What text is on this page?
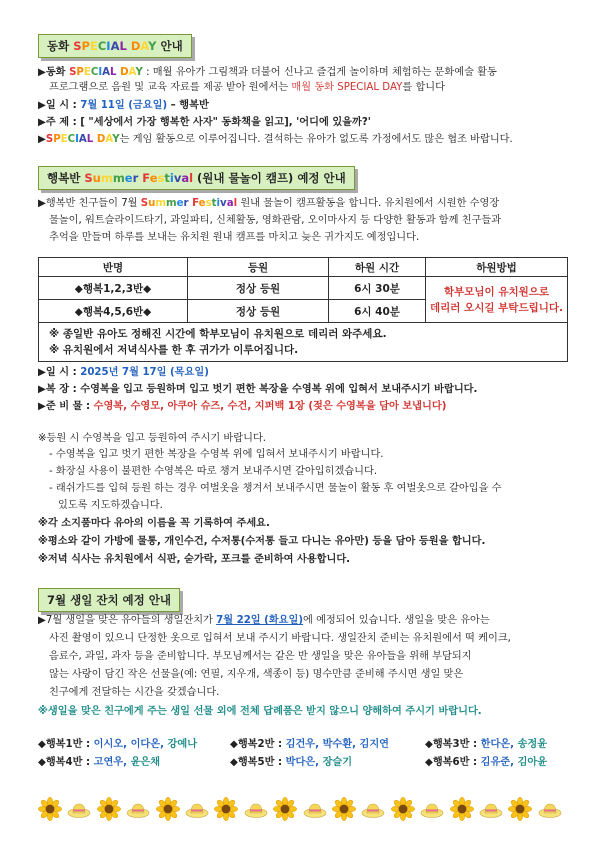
동화 SPECIAL DAY 안내
▶동화 SPECIAL DAY : 매월 유아가 그림책과 더불어 신나고 즐겁게 놀이하며 체험하는 문화예술 활동
프로그램으로 음원 및 교육 자료를 제공 받아 원에서는 매월 동화 SPECIAL DAY를 합니다
▶일 시 : 7월 11일 (금요일) – 행복반
▶주 제 : [ "세상에서 가장 행복한 사자" 동화책을 읽고], '어디에 있을까?'
▶SPECIAL DAY는 게임 활동으로 이루어집니다. 결석하는 유아가 없도록 가정에서도 많은 협조 바랍니다.
행복반 Summer Festival (원내 물놀이 캠프) 예정 안내
▶행복반 친구들이 7월 Summer Festival 원내 물놀이 캠프활동을 합니다. 유치원에서 시원한 수영장
물놀이, 워트슬라이드타기, 과일파티, 신체활동, 영화관람, 오이마사지 등 다양한 활동과 함께 친구들과
추억을 만들며 하루를 보내는 유치원 원내 캠프를 마치고 늦은 귀가지도 예정입니다.
반명	등원	하원 시간	하원방법
◆행복1,2,3반◆	정상 등원	6시 30분	학부모님이 유치원으로
데리러 오시길 부탁드립니다.
◆행복4,5,6반◆	정상 등원	6시 40분	
※ 종일반 유아도 정해진 시간에 학부모님이 유치원으로 데리러 와주세요.
※ 유치원에서 저녁식사를 한 후 귀가가 이루어집니다.			
▶일 시 : 2025년 7월 17일 (목요일)
▶복 장 : 수영복을 입고 등원하며 입고 벗기 편한 복장을 수영복 위에 입혀서 보내주시기 바랍니다.
▶준 비 물 : 수영복, 수영모, 아쿠아 슈즈, 수건, 지퍼백 1장 (젖은 수영복을 담아 보냅니다)
※등원 시 수영복을 입고 등원하여 주시기 바랍니다.
- 수영복을 입고 벗기 편한 복장을 수영복 위에 입혀서 보내주시기 바랍니다.
- 화장실 사용이 불편한 수영복은 따로 챙겨 보내주시면 갈아입히겠습니다.
- 래쉬가드를 입혀 등원 하는 경우 여벌옷을 챙겨서 보내주시면 물놀이 활동 후 여벌옷으로 갈아입을 수
있도록 지도하겠습니다.
※각 소지품마다 유아의 이름을 꼭 기록하여 주세요.
※평소와 같이 가방에 물통, 개인수건, 수저통(수저통 들고 다니는 유아만) 등을 담아 등원을 합니다.
※저녁 식사는 유치원에서 식판, 숟가락, 포크를 준비하여 사용합니다.
7월 생일 잔치 예정 안내
▶7월 생일을 맞은 유아들의 생일잔치가 7월 22일 (화요일)에 예정되어 있습니다. 생일을 맞은 유아는
사진 촬영이 있으니 단정한 옷으로 입혀서 보내 주시기 바랍니다. 생일잔치 준비는 유치원에서 떡 케이크,
음료수, 과일, 과자 등을 준비합니다. 부모님께서는 같은 반 생일을 맞은 유아들을 위해 부담되지
않는 사랑이 담긴 작은 선물을(예: 연필, 지우개, 색종이 등) 명수만큼 준비해 주시면 생일 맞은
친구에게 전달하는 시간을 갖겠습니다.
※생일을 맞은 친구에게 주는 생일 선물 외에 전체 답례품은 받지 않으니 양해하여 주시기 바랍니다.
◆행복1반 : 이시오, 이다온, 강예나	◆행복2반 : 김건우, 박수환, 김지연	◆행복3반 : 한다온, 송정윤
◆행복4반 : 고연우, 윤은채	◆행복5반 : 박다은, 장슬기	◆행복6반 : 김유준, 김아윤
